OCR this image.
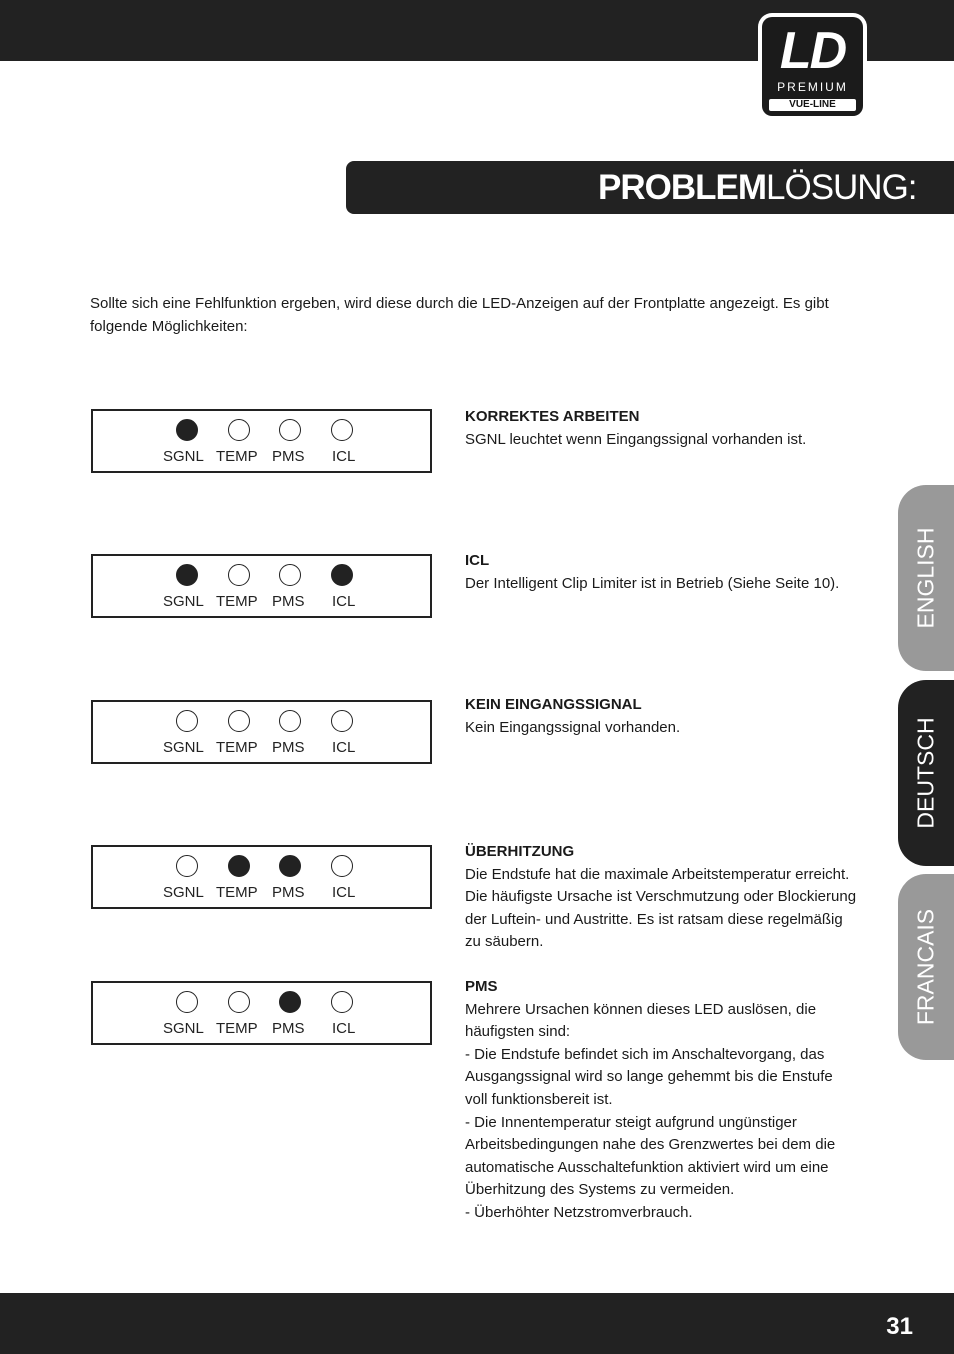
LD
PREMIUM
VUE-LINE
PROBLEMLÖSUNG:
Sollte sich eine Fehlfunktion ergeben, wird diese durch die LED-Anzeigen auf der Frontplatte angezeigt. Es gibt folgende Möglichkeiten:
SGNL TEMP PMS ICL
KORREKTES ARBEITEN
SGNL leuchtet wenn Eingangssignal vorhanden ist.
SGNL TEMP PMS ICL
ICL
Der Intelligent Clip Limiter ist in Betrieb (Siehe Seite 10).
SGNL TEMP PMS ICL
KEIN EINGANGSSIGNAL
Kein Eingangssignal vorhanden.
SGNL TEMP PMS ICL
ÜBERHITZUNG
Die Endstufe hat die maximale Arbeitstemperatur erreicht.
Die häufigste Ursache ist Verschmutzung oder Blockierung
der Luftein- und Austritte. Es ist ratsam diese regelmäßig
zu säubern.
SGNL TEMP PMS ICL
PMS
Mehrere Ursachen können dieses LED auslösen, die
häufigsten sind:
- Die Endstufe befindet sich im Anschaltevorgang, das
Ausgangssignal wird so lange gehemmt bis die Enstufe
voll funktionsbereit ist.
- Die Innentemperatur steigt aufgrund ungünstiger
Arbeitsbedingungen nahe des Grenzwertes bei dem die
automatische Ausschaltefunktion aktiviert wird um eine
Überhitzung des Systems zu vermeiden.
- Überhöhter Netzstromverbrauch.
ENGLISH
DEUTSCH
FRANCAIS
31
